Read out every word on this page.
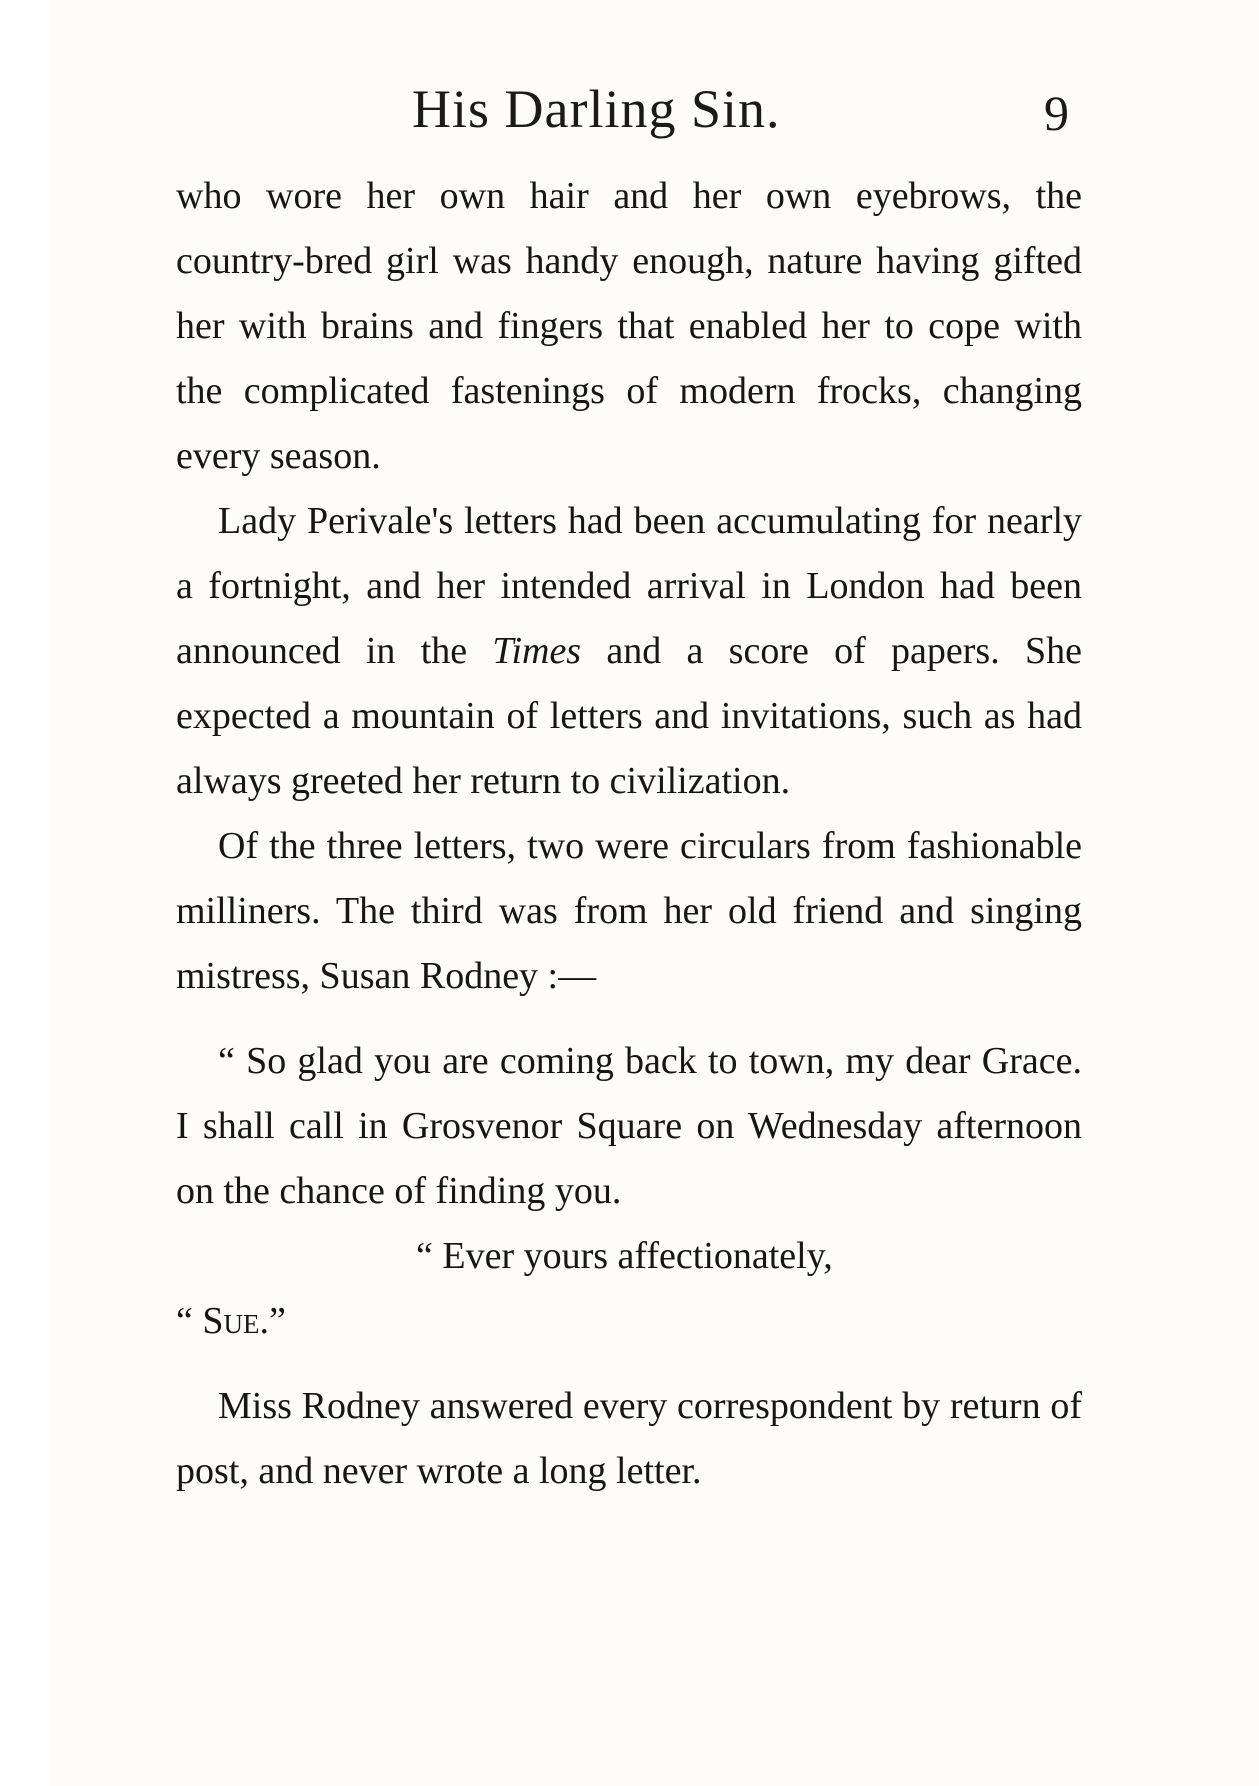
His Darling Sin.	9

who wore her own hair and her own eyebrows, the country-bred girl was handy enough, nature having gifted her with brains and fingers that enabled her to cope with the complicated fastenings of modern frocks, changing every season.

Lady Perivale's letters had been accumulating for nearly a fortnight, and her intended arrival in London had been announced in the Times and a score of papers. She expected a mountain of letters and invitations, such as had always greeted her return to civilization.

Of the three letters, two were circulars from fashionable milliners. The third was from her old friend and singing mistress, Susan Rodney :—

“ So glad you are coming back to town, my dear Grace. I shall call in Grosvenor Square on Wednesday afternoon on the chance of finding you.

“ Ever yours affectionately,

“ Sue.”

Miss Rodney answered every correspondent by return of post, and never wrote a long letter.
